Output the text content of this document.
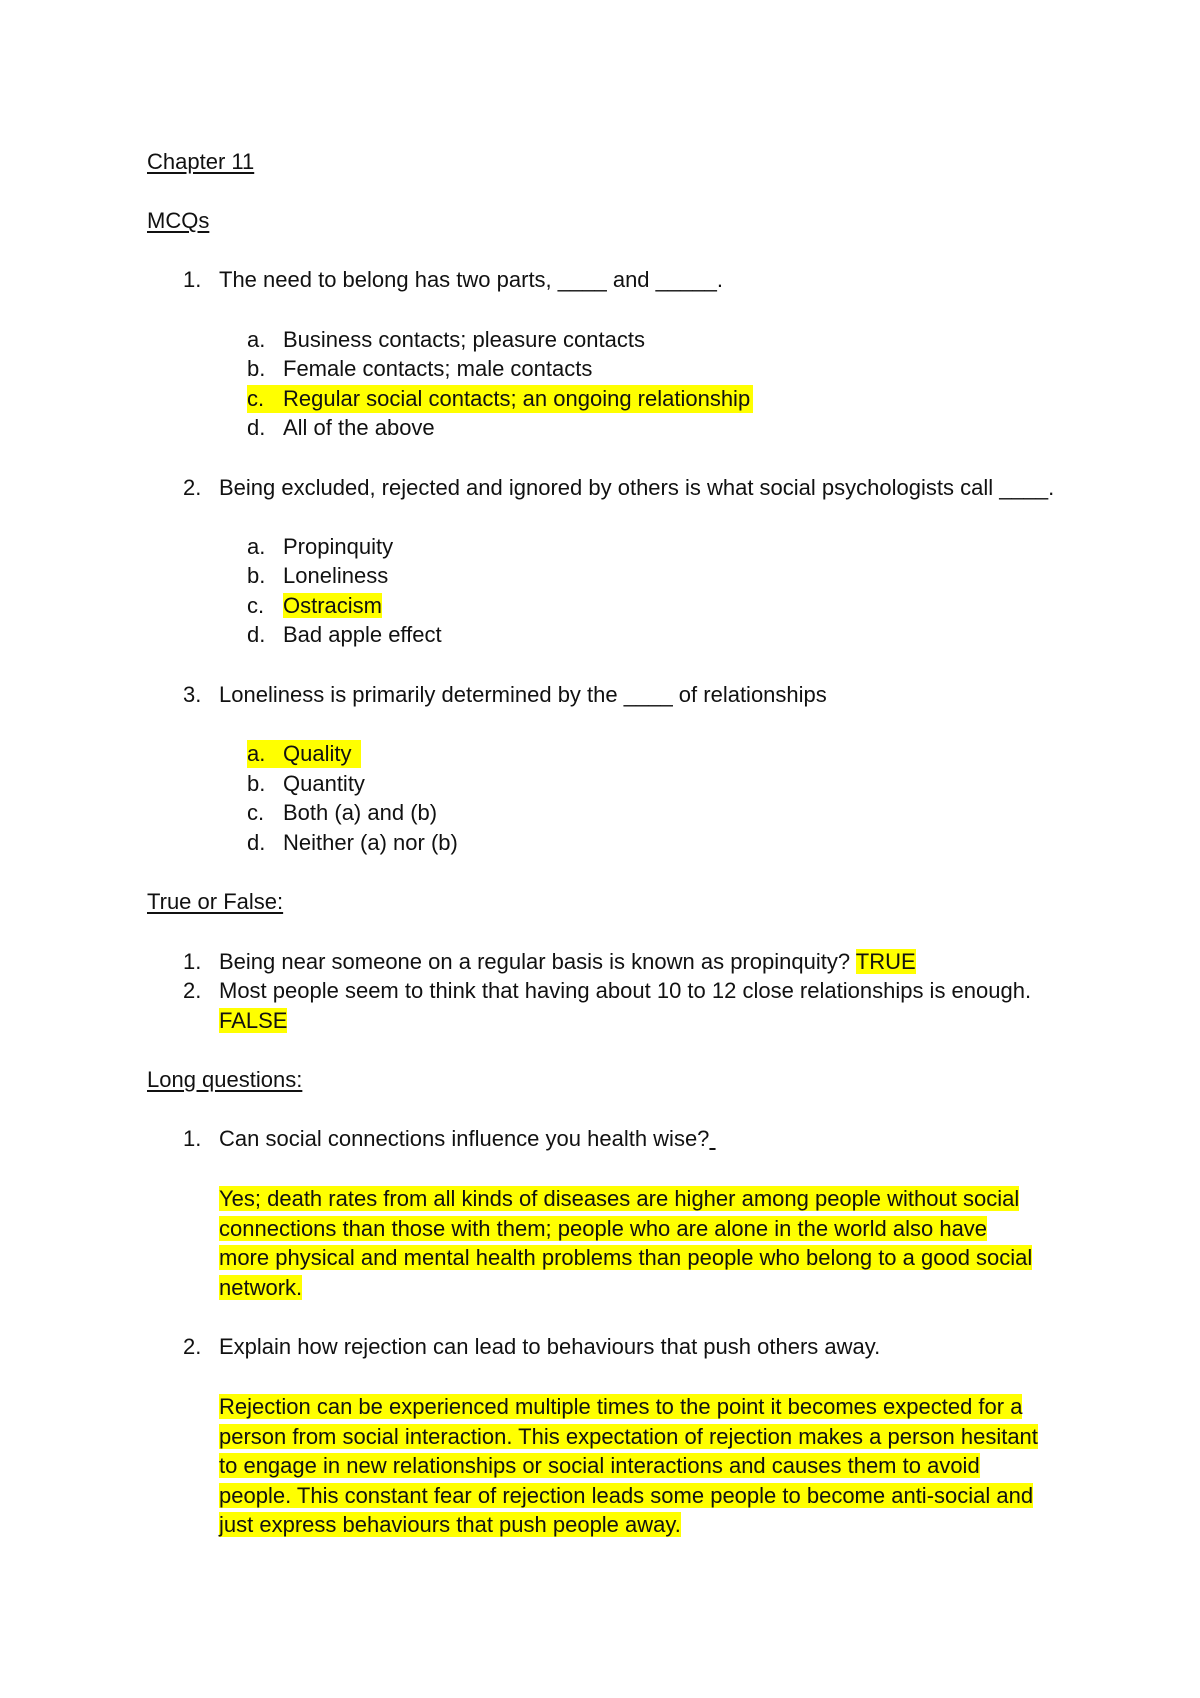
Chapter 11
MCQs
1. The need to belong has two parts, ____ and _____.
a. Business contacts; pleasure contacts
b. Female contacts; male contacts
c. Regular social contacts; an ongoing relationship
d. All of the above
2. Being excluded, rejected and ignored by others is what social psychologists call ____.
a. Propinquity
b. Loneliness
c. Ostracism
d. Bad apple effect
3. Loneliness is primarily determined by the ____ of relationships
a. Quality
b. Quantity
c. Both (a) and (b)
d. Neither (a) nor (b)
True or False:
1. Being near someone on a regular basis is known as propinquity? TRUE
2. Most people seem to think that having about 10 to 12 close relationships is enough.
FALSE
Long questions:
1. Can social connections influence you health wise?
Yes; death rates from all kinds of diseases are higher among people without social
connections than those with them; people who are alone in the world also have
more physical and mental health problems than people who belong to a good social
network.
2. Explain how rejection can lead to behaviours that push others away.
Rejection can be experienced multiple times to the point it becomes expected for a
person from social interaction. This expectation of rejection makes a person hesitant
to engage in new relationships or social interactions and causes them to avoid
people. This constant fear of rejection leads some people to become anti-social and
just express behaviours that push people away.
